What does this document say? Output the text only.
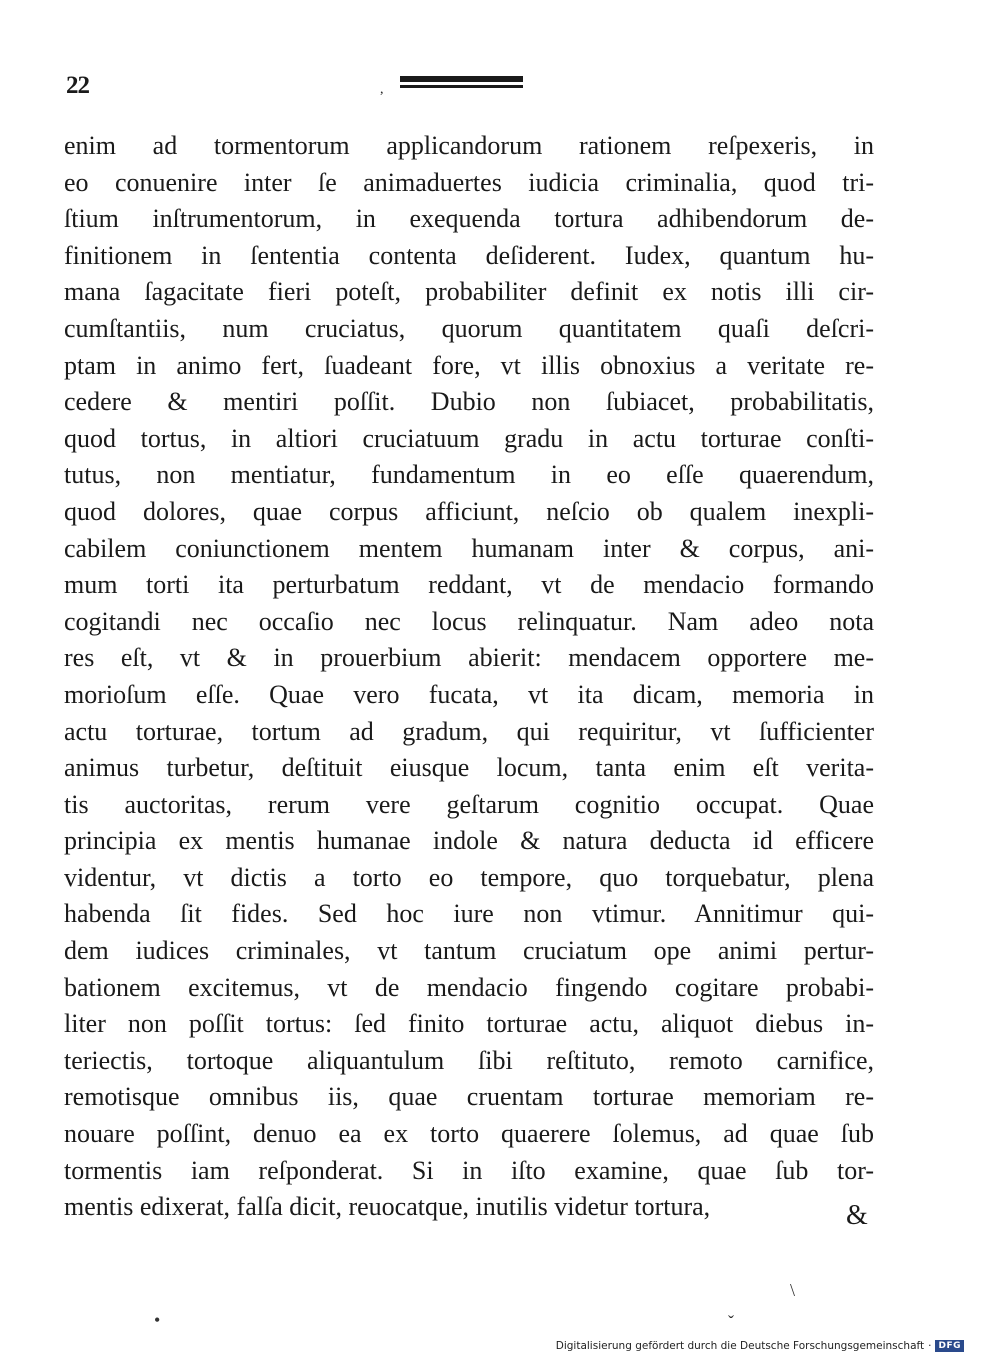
22	,
enim ad tormentorum applicandorum rationem reſpexeris, in
eo conuenire inter ſe animaduertes iudicia criminalia, quod tri-
ſtium inſtrumentorum, in exequenda tortura adhibendorum de-
finitionem in ſententia contenta deſiderent. Iudex, quantum hu-
mana ſagacitate fieri poteſt, probabiliter definit ex notis illi cir-
cumſtantiis, num cruciatus, quorum quantitatem quaſi deſcri-
ptam in animo fert, ſuadeant fore, vt illis obnoxius a veritate re-
cedere & mentiri poſſit. Dubio non ſubiacet, probabilitatis,
quod tortus, in altiori cruciatuum gradu in actu torturae conſti-
tutus, non mentiatur, fundamentum in eo eſſe quaerendum,
quod dolores, quae corpus afficiunt, neſcio ob qualem inexpli-
cabilem coniunctionem mentem humanam inter & corpus, ani-
mum torti ita perturbatum reddant, vt de mendacio formando
cogitandi nec occaſio nec locus relinquatur. Nam adeo nota
res eſt, vt & in prouerbium abierit: mendacem opportere me-
morioſum eſſe. Quae vero fucata, vt ita dicam, memoria in
actu torturae, tortum ad gradum, qui requiritur, vt ſufficienter
animus turbetur, deſtituit eiusque locum, tanta enim eſt verita-
tis auctoritas, rerum vere geſtarum cognitio occupat. Quae
principia ex mentis humanae indole & natura deducta id efficere
videntur, vt dictis a torto eo tempore, quo torquebatur, plena
habenda ſit fides. Sed hoc iure non vtimur. Annitimur qui-
dem iudices criminales, vt tantum cruciatum ope animi pertur-
bationem excitemus, vt de mendacio fingendo cogitare probabi-
liter non poſſit tortus: ſed finito torturae actu, aliquot diebus in-
teriectis, tortoque aliquantulum ſibi reſtituto, remoto carnifice,
remotisque omnibus iis, quae cruentam torturae memoriam re-
nouare poſſint, denuo ea ex torto quaerere ſolemus, ad quae ſub
tormentis iam reſponderat. Si in iſto examine, quae ſub tor-
mentis edixerat, falſa dicit, reuocatque, inutilis videtur tortura,	&
\
•	ˇ
Digitalisierung gefördert durch die Deutsche Forschungsgemeinschaft · DFG
